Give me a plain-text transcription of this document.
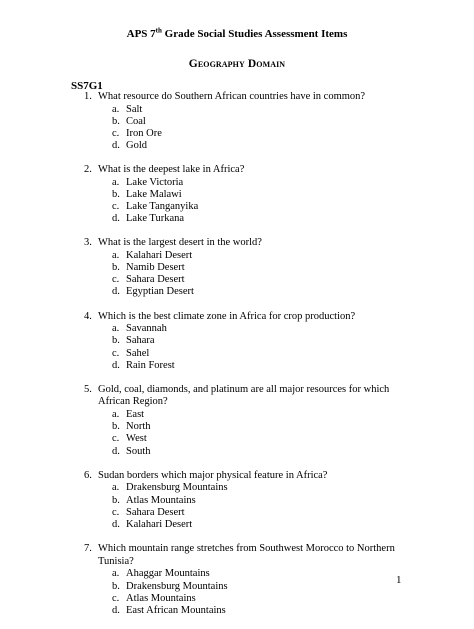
APS 7th Grade Social Studies Assessment Items
Geography Domain
SS7G1
1. What resource do Southern African countries have in common?
a. Salt
b. Coal
c. Iron Ore
d. Gold
2. What is the deepest lake in Africa?
a. Lake Victoria
b. Lake Malawi
c. Lake Tanganyika
d. Lake Turkana
3. What is the largest desert in the world?
a. Kalahari Desert
b. Namib Desert
c. Sahara Desert
d. Egyptian Desert
4. Which is the best climate zone in Africa for crop production?
a. Savannah
b. Sahara
c. Sahel
d. Rain Forest
5. Gold, coal, diamonds, and platinum are all major resources for which African Region?
a. East
b. North
c. West
d. South
6. Sudan borders which major physical feature in Africa?
a. Drakensburg Mountains
b. Atlas Mountains
c. Sahara Desert
d. Kalahari Desert
7. Which mountain range stretches from Southwest Morocco to Northern Tunisia?
a. Ahaggar Mountains
b. Drakensburg Mountains
c. Atlas Mountains
d. East African Mountains
1
